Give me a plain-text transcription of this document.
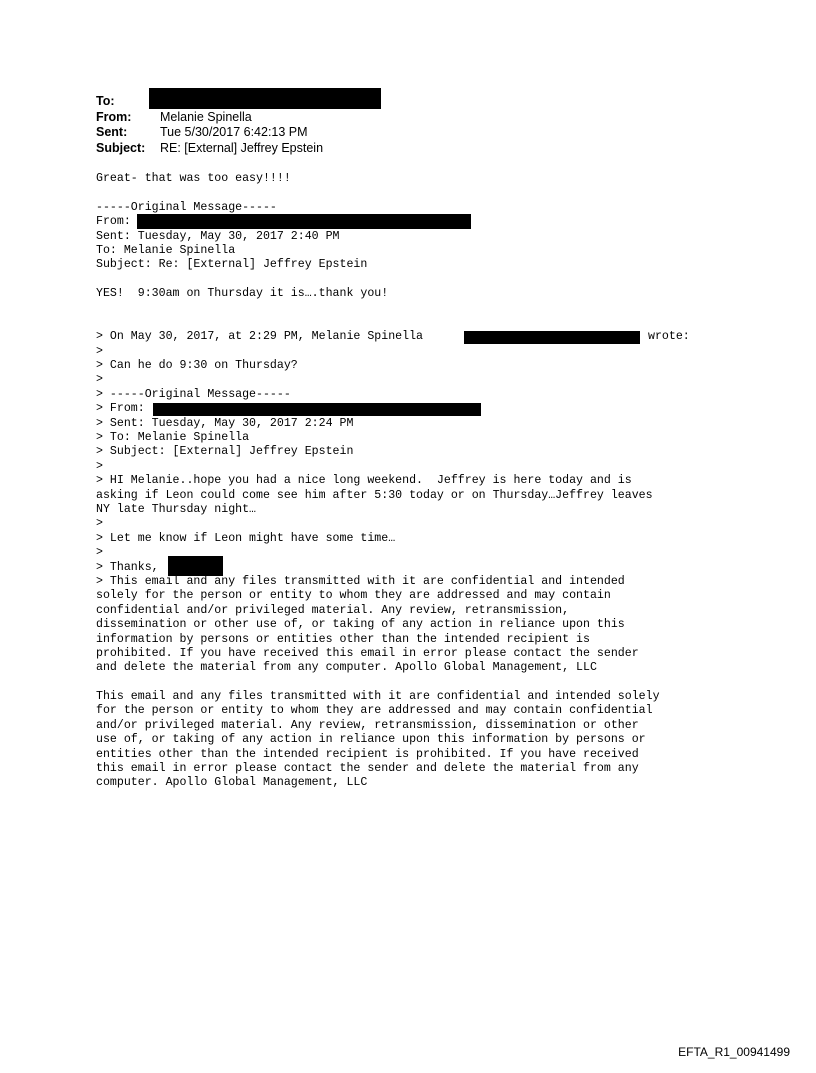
To:
From: Melanie Spinella
Sent:	Tue 5/30/2017 6:42:13 PM
Subject: RE: [External] Jeffrey Epstein
Great- that was too easy!!!!
-----Original Message-----
From:
Sent: Tuesday, May 30, 2017 2:40 PM
To: Melanie Spinella
Subject: Re: [External] Jeffrey Epstein
YES!  9:30am on Thursday it is….thank you!
> On May 30, 2017, at 2:29 PM, Melanie Spinella	wrote:
>
> Can he do 9:30 on Thursday?
>
> -----Original Message-----
> From:
> Sent: Tuesday, May 30, 2017 2:24 PM
> To: Melanie Spinella
> Subject: [External] Jeffrey Epstein
>
> HI Melanie..hope you had a nice long weekend.  Jeffrey is here today and is
asking if Leon could come see him after 5:30 today or on Thursday…Jeffrey leaves
NY late Thursday night…
>
> Let me know if Leon might have some time…
>
> Thanks,
> This email and any files transmitted with it are confidential and intended
solely for the person or entity to whom they are addressed and may contain
confidential and/or privileged material. Any review, retransmission,
dissemination or other use of, or taking of any action in reliance upon this
information by persons or entities other than the intended recipient is
prohibited. If you have received this email in error please contact the sender
and delete the material from any computer. Apollo Global Management, LLC
This email and any files transmitted with it are confidential and intended solely
for the person or entity to whom they are addressed and may contain confidential
and/or privileged material. Any review, retransmission, dissemination or other
use of, or taking of any action in reliance upon this information by persons or
entities other than the intended recipient is prohibited. If you have received
this email in error please contact the sender and delete the material from any
computer. Apollo Global Management, LLC
EFTA_R1_00941499
